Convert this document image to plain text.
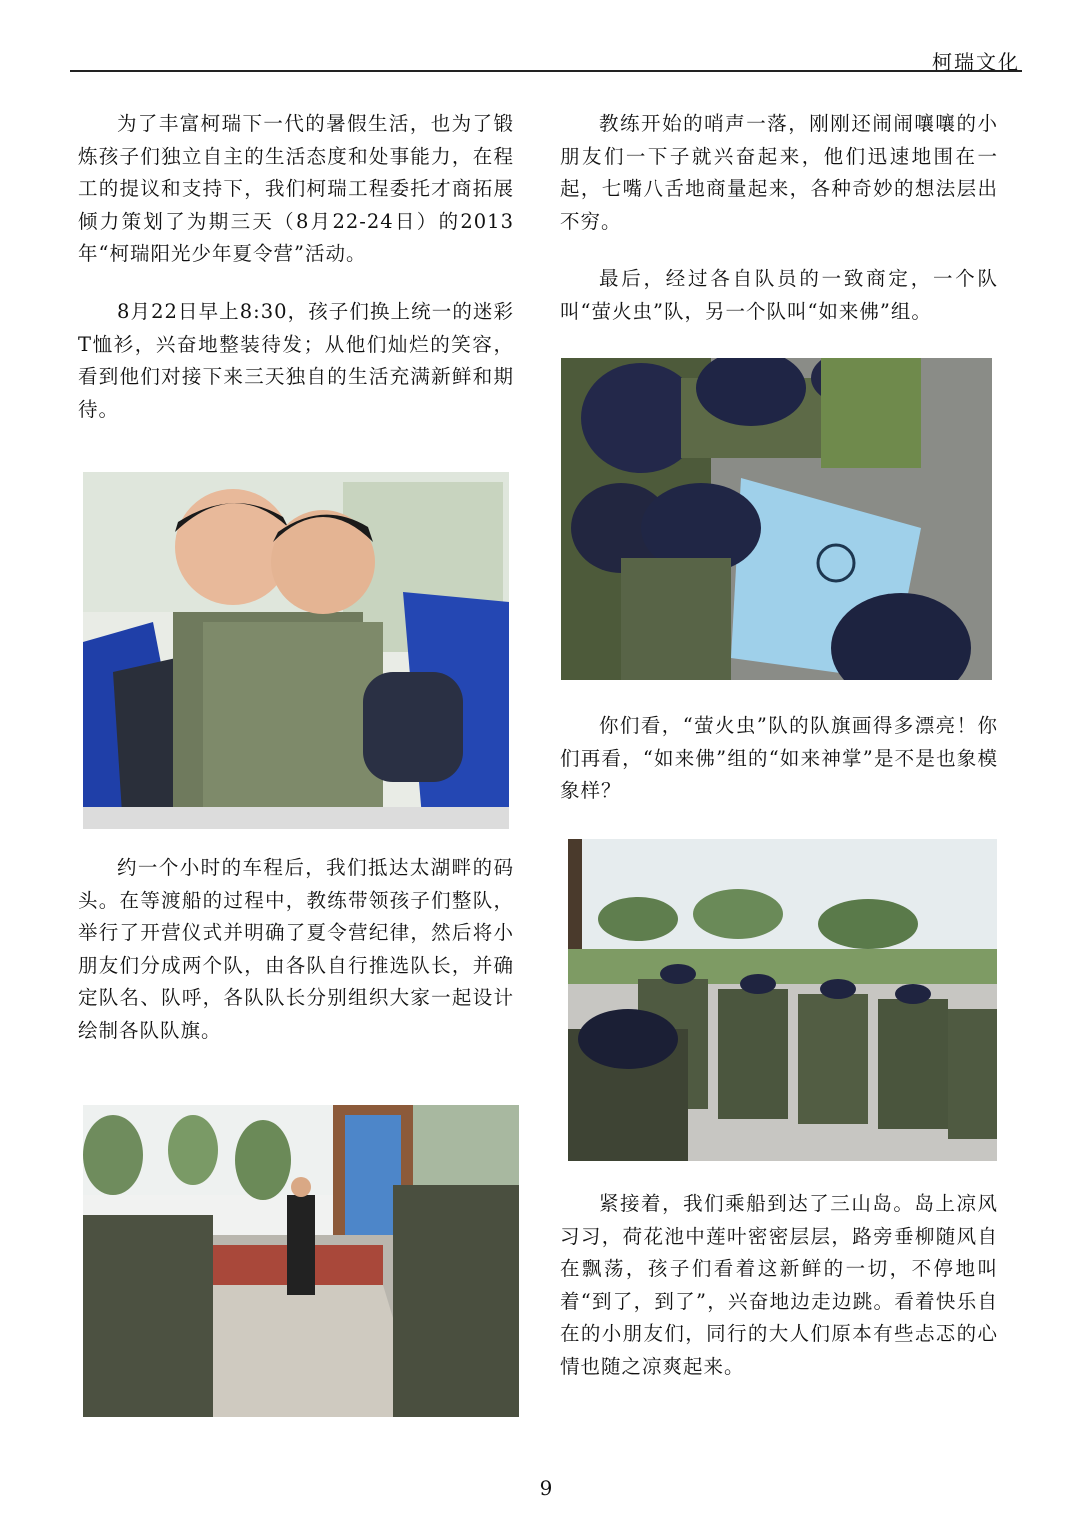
柯瑞文化

为了丰富柯瑞下一代的暑假生活，也为了锻炼孩子们独立自主的生活态度和处事能力，在程工的提议和支持下，我们柯瑞工程委托才商拓展倾力策划了为期三天（8月22-24日）的2013年“柯瑞阳光少年夏令营”活动。

8月22日早上8:30，孩子们换上统一的迷彩T恤衫，兴奋地整装待发；从他们灿烂的笑容，看到他们对接下来三天独自的生活充满新鲜和期待。

约一个小时的车程后，我们抵达太湖畔的码头。在等渡船的过程中，教练带领孩子们整队，举行了开营仪式并明确了夏令营纪律，然后将小朋友们分成两个队，由各队自行推选队长，并确定队名、队呼，各队队长分别组织大家一起设计绘制各队队旗。

教练开始的哨声一落，刚刚还闹闹嚷嚷的小朋友们一下子就兴奋起来，他们迅速地围在一起，七嘴八舌地商量起来，各种奇妙的想法层出不穷。

最后，经过各自队员的一致商定，一个队叫“萤火虫”队，另一个队叫“如来佛”组。

你们看，“萤火虫”队的队旗画得多漂亮！你们再看，“如来佛”组的“如来神掌”是不是也象模象样？

紧接着，我们乘船到达了三山岛。岛上凉风习习，荷花池中莲叶密密层层，路旁垂柳随风自在飘荡，孩子们看着这新鲜的一切，不停地叫着“到了，到了”，兴奋地边走边跳。看着快乐自在的小朋友们，同行的大人们原本有些忐忑的心情也随之凉爽起来。

9
